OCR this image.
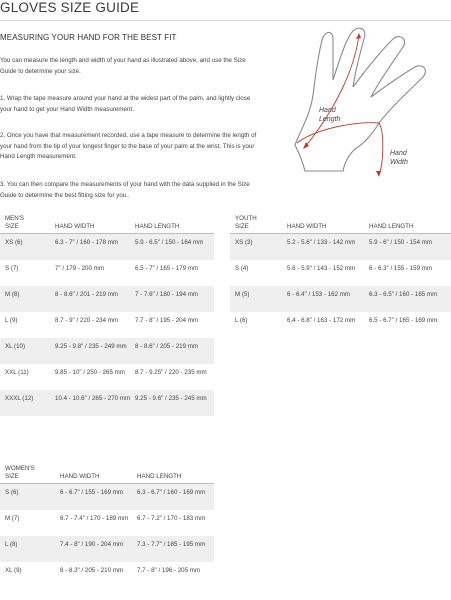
GLOVES SIZE GUIDE
MEASURING YOUR HAND FOR THE BEST FIT
You can measure the length and width of your hand as illustrated above, and use the Size Guide to determine your size.
1. Wrap the tape measure around your hand at the widest part of the palm, and lightly close your hand to get your Hand Width measurement.
2. Once you have that measurement recorded, use a tape measure to determine the length of your hand from the tip of your longest finger to the base of your palm at the wrist. This is your Hand Length measurement.
3. You can then compare the measurements of your hand with the data supplied in the Size Guide to determine the best fitting size for you..
Hand
Length
Hand
Width
MEN'S
SIZE	HAND WIDTH	HAND LENGTH
XS (6)	6.3 - 7" / 160 - 178 mm	5.9 - 6.5" / 150 - 164 mm
S (7)	7" / 179 - 200 mm	6.5 - 7" / 165 - 179 mm
M (8)	8 - 8.6" / 201 - 219 mm	7 - 7.6" / 180 - 194 mm
L (9)	8.7 - 9" / 220 - 234 mm	7.7 - 8" / 195 - 204 mm
XL (10)	9.25 - 9.8" / 235 - 249 mm	8 - 8.6" / 205 - 219 mm
XXL (11)	9.85 - 10" / 250 - 265 mm	8.7 - 9.25" / 220 - 235 mm
XXXL (12)	10.4 - 10.6" / 265 - 270 mm	9.25 - 9.6" / 235 - 245 mm
YOUTH
SIZE	HAND WIDTH	HAND LENGTH
XS (3)	5.2 - 5.6" / 133 - 142 mm	5.9 - 6" / 150 - 154 mm
S (4)	5.6 - 5.9" / 143 - 152 mm	6 - 6.3" / 155 - 159 mm
M (5)	6 - 6.4" / 153 - 162 mm	6.3 - 6.5" / 160 - 165 mm
L (6)	6.4 - 6.8" / 163 - 172 mm	6.5 - 6.7" / 165 - 169 mm
WOMEN'S
SIZE	HAND WIDTH	HAND LENGTH
S (6)	6 - 6.7" / 155 - 169 mm	6.3 - 6.7" / 160 - 169 mm
M (7)	6.7 - 7.4" / 170 - 189 mm	6.7 - 7.2" / 170 - 183 mm
L (8)	7.4 - 8" / 190 - 204 mm	7.3 - 7.7" / 185 - 195 mm
XL (9)	8 - 8.3" / 205 - 210 mm	7.7 - 8" / 196 - 205 mm
